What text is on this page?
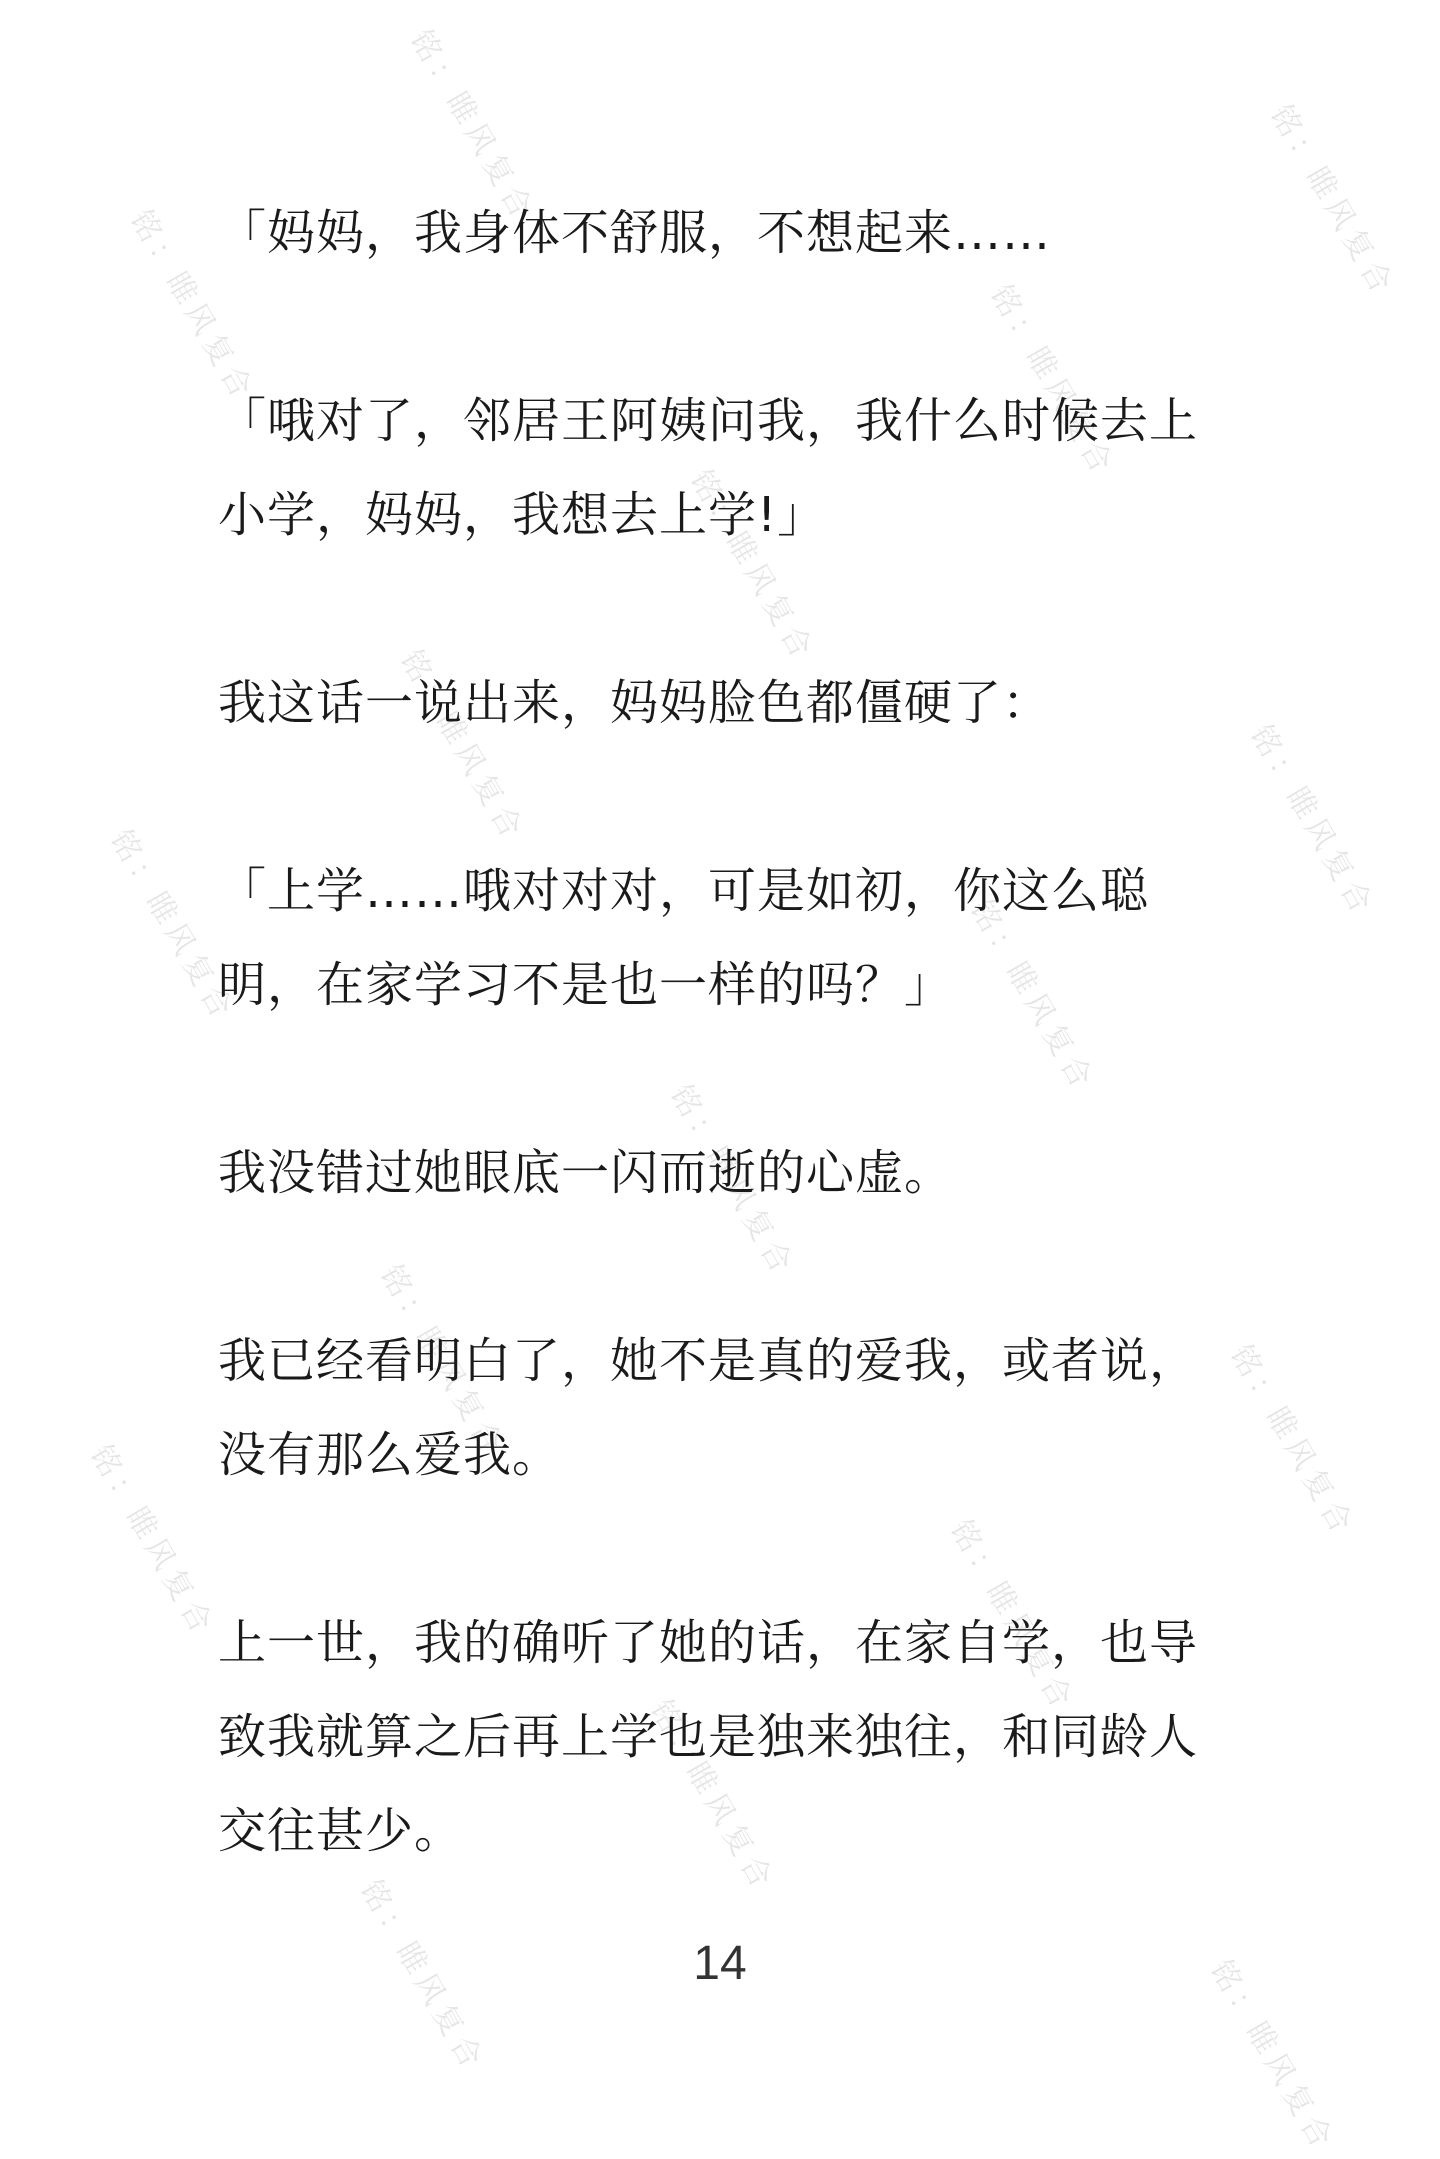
铭：睢风复合	铭：睢风复合
铭：睢风复合	铭：睢风复合
铭：睢风复合
铭：睢风复合	铭：睢风复合
铭：睢风复合	铭：睢风复合
铭：睢风复合
铭：睢风复合	铭：睢风复合
铭：睢风复合	铭：睢风复合
铭：睢风复合
铭：睢风复合	铭：睢风复合

「妈妈，我身体不舒服，不想起来……

「哦对了，邻居王阿姨问我，我什么时候去上小学，妈妈，我想去上学!」

我这话一说出来，妈妈脸色都僵硬了：

「上学……哦对对对，可是如初，你这么聪明，在家学习不是也一样的吗？」

我没错过她眼底一闪而逝的心虚。

我已经看明白了，她不是真的爱我，或者说，没有那么爱我。

上一世，我的确听了她的话，在家自学，也导致我就算之后再上学也是独来独往，和同龄人交往甚少。

14
